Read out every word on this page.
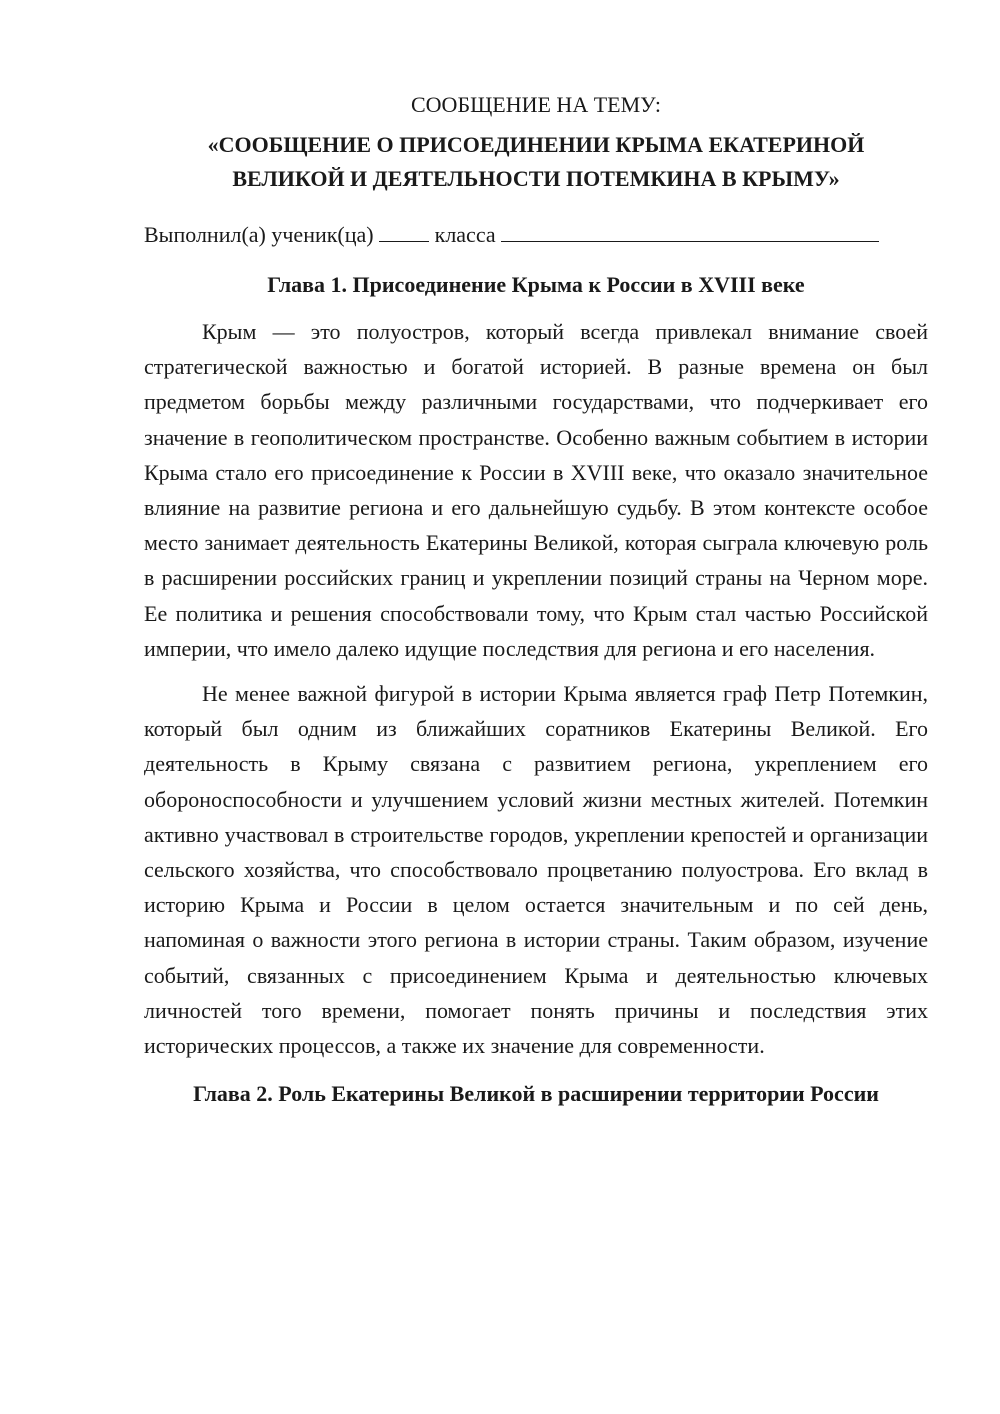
СООБЩЕНИЕ НА ТЕМУ:

«СООБЩЕНИЕ О ПРИСОЕДИНЕНИИ КРЫМА ЕКАТЕРИНОЙ
ВЕЛИКОЙ И ДЕЯТЕЛЬНОСТИ ПОТЕМКИНА В КРЫМУ»

Выполнил(а) ученик(ца)	класса

Глава 1. Присоединение Крыма к России в XVIII веке

Крым — это полуостров, который всегда привлекал внимание своей стратегической важностью и богатой историей. В разные времена он был предметом борьбы между различными государствами, что подчеркивает его значение в геополитическом пространстве. Особенно важным событием в истории Крыма стало его присоединение к России в XVIII веке, что оказало значительное влияние на развитие региона и его дальнейшую судьбу. В этом контексте особое место занимает деятельность Екатерины Великой, которая сыграла ключевую роль в расширении российских границ и укреплении позиций страны на Черном море. Ее политика и решения способствовали тому, что Крым стал частью Российской империи, что имело далеко идущие последствия для региона и его населения.

Не менее важной фигурой в истории Крыма является граф Петр Потемкин, который был одним из ближайших соратников Екатерины Великой. Его деятельность в Крыму связана с развитием региона, укреплением его обороноспособности и улучшением условий жизни местных жителей. Потемкин активно участвовал в строительстве городов, укреплении крепостей и организации сельского хозяйства, что способствовало процветанию полуострова. Его вклад в историю Крыма и России в целом остается значительным и по сей день, напоминая о важности этого региона в истории страны. Таким образом, изучение событий, связанных с присоединением Крыма и деятельностью ключевых личностей того времени, помогает понять причины и последствия этих исторических процессов, а также их значение для современности.

Глава 2. Роль Екатерины Великой в расширении территории России
